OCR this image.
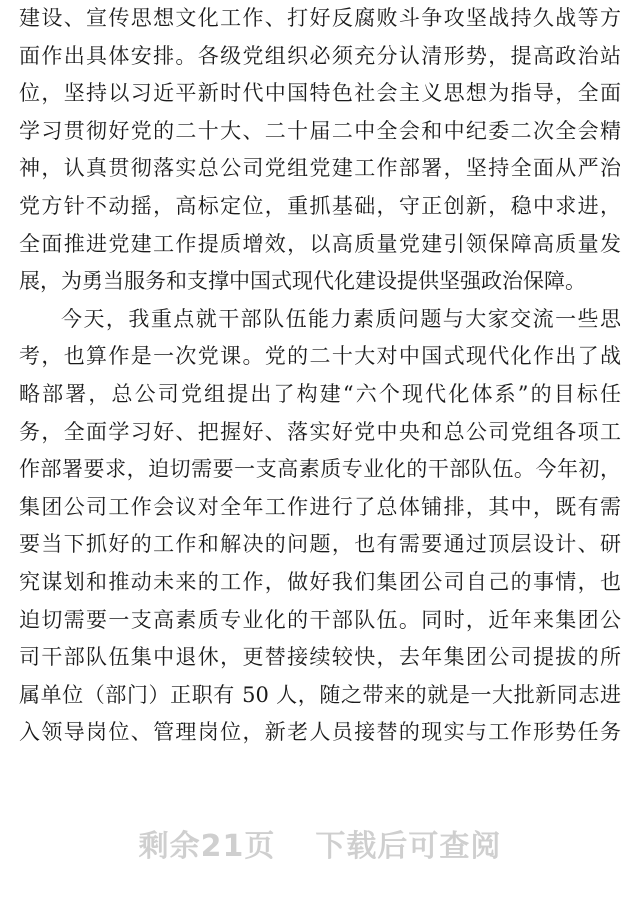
建设、宣传思想文化工作、打好反腐败斗争攻坚战持久战等方
面作出具体安排。各级党组织必须充分认清形势，提高政治站
位，坚持以习近平新时代中国特色社会主义思想为指导，全面
学习贯彻好党的二十大、二十届二中全会和中纪委二次全会精
神，认真贯彻落实总公司党组党建工作部署，坚持全面从严治
党方针不动摇，高标定位，重抓基础，守正创新，稳中求进，
全面推进党建工作提质增效，以高质量党建引领保障高质量发
展，为勇当服务和支撑中国式现代化建设提供坚强政治保障。
今天，我重点就干部队伍能力素质问题与大家交流一些思
考，也算作是一次党课。党的二十大对中国式现代化作出了战
略部署，总公司党组提出了构建“六个现代化体系”的目标任
务，全面学习好、把握好、落实好党中央和总公司党组各项工
作部署要求，迫切需要一支高素质专业化的干部队伍。今年初，
集团公司工作会议对全年工作进行了总体铺排，其中，既有需
要当下抓好的工作和解决的问题，也有需要通过顶层设计、研
究谋划和推动未来的工作，做好我们集团公司自己的事情，也
迫切需要一支高素质专业化的干部队伍。同时，近年来集团公
司干部队伍集中退休，更替接续较快，去年集团公司提拔的所
属单位（部门）正职有 50 人，随之带来的就是一大批新同志进
入领导岗位、管理岗位，新老人员接替的现实与工作形势任务
剩余21页 下载后可查阅
